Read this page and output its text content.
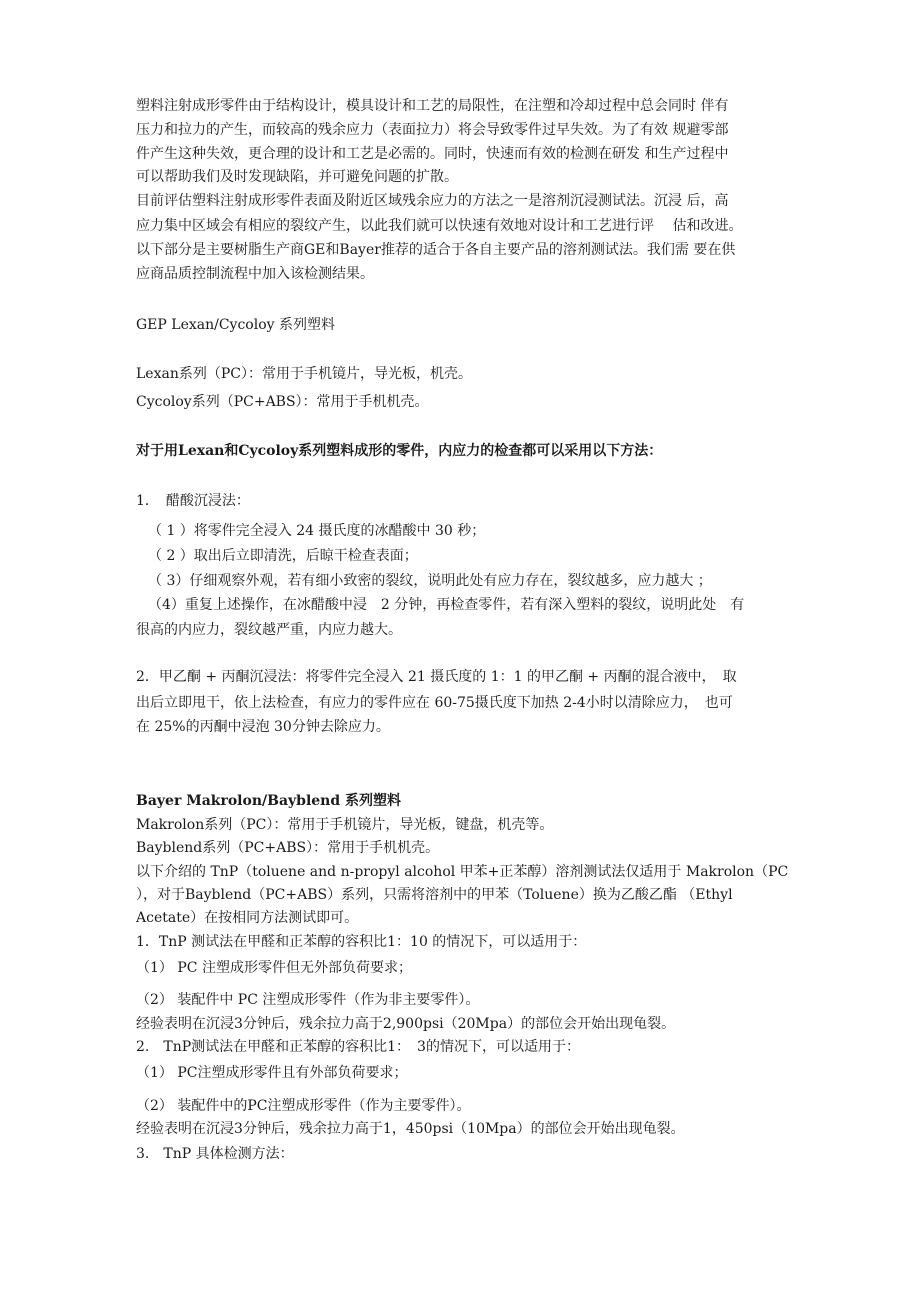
塑料注射成形零件由于结构设计，模具设计和工艺的局限性，在注塑和冷却过程中总会同时 伴有
压力和拉力的产生，而较高的残余应力（表面拉力）将会导致零件过早失效。为了有效 规避零部
件产生这种失效，更合理的设计和工艺是必需的。同时，快速而有效的检测在研发 和生产过程中
可以帮助我们及时发现缺陷，并可避免问题的扩散。
目前评估塑料注射成形零件表面及附近区域残余应力的方法之一是溶剂沉浸测试法。沉浸 后，高
应力集中区域会有相应的裂纹产生，以此我们就可以快速有效地对设计和工艺进行评　 估和改进。
以下部分是主要树脂生产商GE和Bayer推荐的适合于各自主要产品的溶剂测试法。我们需 要在供
应商品质控制流程中加入该检测结果。
GEP Lexan/Cycoloy 系列塑料
Lexan系列（PC）：常用于手机镜片，导光板，机壳。
Cycoloy系列（PC+ABS）：常用于手机机壳。
对于用Lexan和Cycoloy系列塑料成形的零件，内应力的检查都可以采用以下方法：
1．　醋酸沉浸法：
（ 1 ）将零件完全浸入 24 摄氏度的冰醋酸中 30 秒；
（ 2 ）取出后立即清洗，后晾干检查表面；
（ 3）仔细观察外观，若有细小致密的裂纹，说明此处有应力存在，裂纹越多，应力越大 ；
（4）重复上述操作，在冰醋酸中浸　2 分钟，再检查零件，若有深入塑料的裂纹，说明此处　有
很高的内应力，裂纹越严重，内应力越大。
2．甲乙酮 + 丙酮沉浸法：将零件完全浸入 21 摄氏度的 1：1 的甲乙酮 + 丙酮的混合液中，　取
出后立即甩干，依上法检查，有应力的零件应在 60-75摄氏度下加热 2-4小时以清除应力，　也可
在 25%的丙酮中浸泡 30分钟去除应力。
Bayer Makrolon/Bayblend 系列塑料
Makrolon系列（PC）：常用于手机镜片，导光板，键盘，机壳等。
Bayblend系列（PC+ABS）：常用于手机机壳。
以下介绍的 TnP（toluene and n-propyl alcohol 甲苯+正苯醇）溶剂测试法仅适用于 Makrolon（PC
），对于Bayblend（PC+ABS）系列，只需将溶剂中的甲苯（Toluene）换为乙酸乙酯 （Ethyl
Acetate）在按相同方法测试即可。
1．TnP 测试法在甲醛和正苯醇的容积比1：10 的情况下，可以适用于：
（1） PC 注塑成形零件但无外部负荷要求；
（2） 装配件中 PC 注塑成形零件（作为非主要零件）。
经验表明在沉浸3分钟后，残余拉力高于2,900psi（20Mpa）的部位会开始出现龟裂。
2.　TnP测试法在甲醛和正苯醇的容积比1：　3的情况下，可以适用于：
（1） PC注塑成形零件且有外部负荷要求；
（2） 装配件中的PC注塑成形零件（作为主要零件）。
经验表明在沉浸3分钟后，残余拉力高于1，450psi（10Mpa）的部位会开始出现龟裂。
3.　TnP 具体检测方法：
